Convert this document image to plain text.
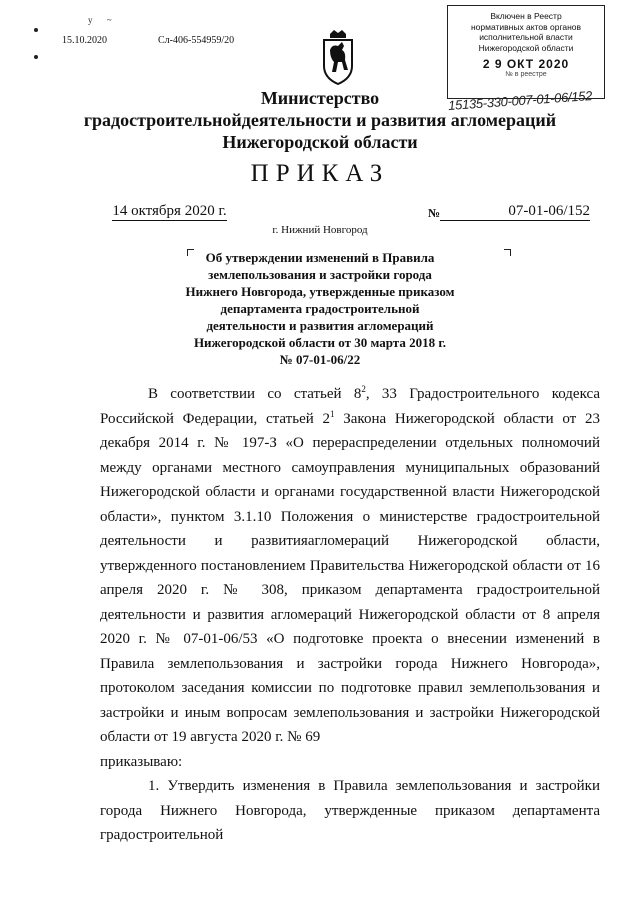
у ~
15.10.2020	Сл-406-554959/20
Включен в Реестр
нормативных актов органов
исполнительной власти
Нижегородской области
2 9 ОКТ 2020
№ в реестре
15135-330-007-01-06/152
Министерство
градостроительнойдеятельности и развития агломераций
Нижегородской области
ПРИКАЗ
14 октября 2020 г.	№	07-01-06/152
г. Нижний Новгород
Об утверждении изменений в Правила
землепользования и застройки города
Нижнего Новгорода, утвержденные приказом
департамента градостроительной
деятельности и развития агломераций
Нижегородской области от 30 марта 2018 г.
№ 07-01-06/22

В соответствии со статьей $8^2$, 33 Градостроительного кодекса Российской Федерации, статьей $2^1$ Закона Нижегородской области от 23 декабря 2014 г. № 197-З «О перераспределении отдельных полномочий между органами местного самоуправления муниципальных образований Нижегородской области и органами государственной власти Нижегородской области», пунктом 3.1.10 Положения о министерстве градостроительной деятельности и развитияагломераций Нижегородской области, утвержденного постановлением Правительства Нижегородской области от 16 апреля 2020 г. № 308, приказом департамента градостроительной деятельности и развития агломераций Нижегородской области от 8 апреля 2020 г. № 07-01-06/53 «О подготовке проекта о внесении изменений в Правила землепользования и застройки города Нижнего Новгорода», протоколом заседания комиссии по подготовке правил землепользования и застройки и иным вопросам землепользования и застройки Нижегородской области от 19 августа 2020 г. № 69

приказываю:

1. Утвердить изменения в Правила землепользования и застройки города Нижнего Новгорода, утвержденные приказом департамента градостроительной
